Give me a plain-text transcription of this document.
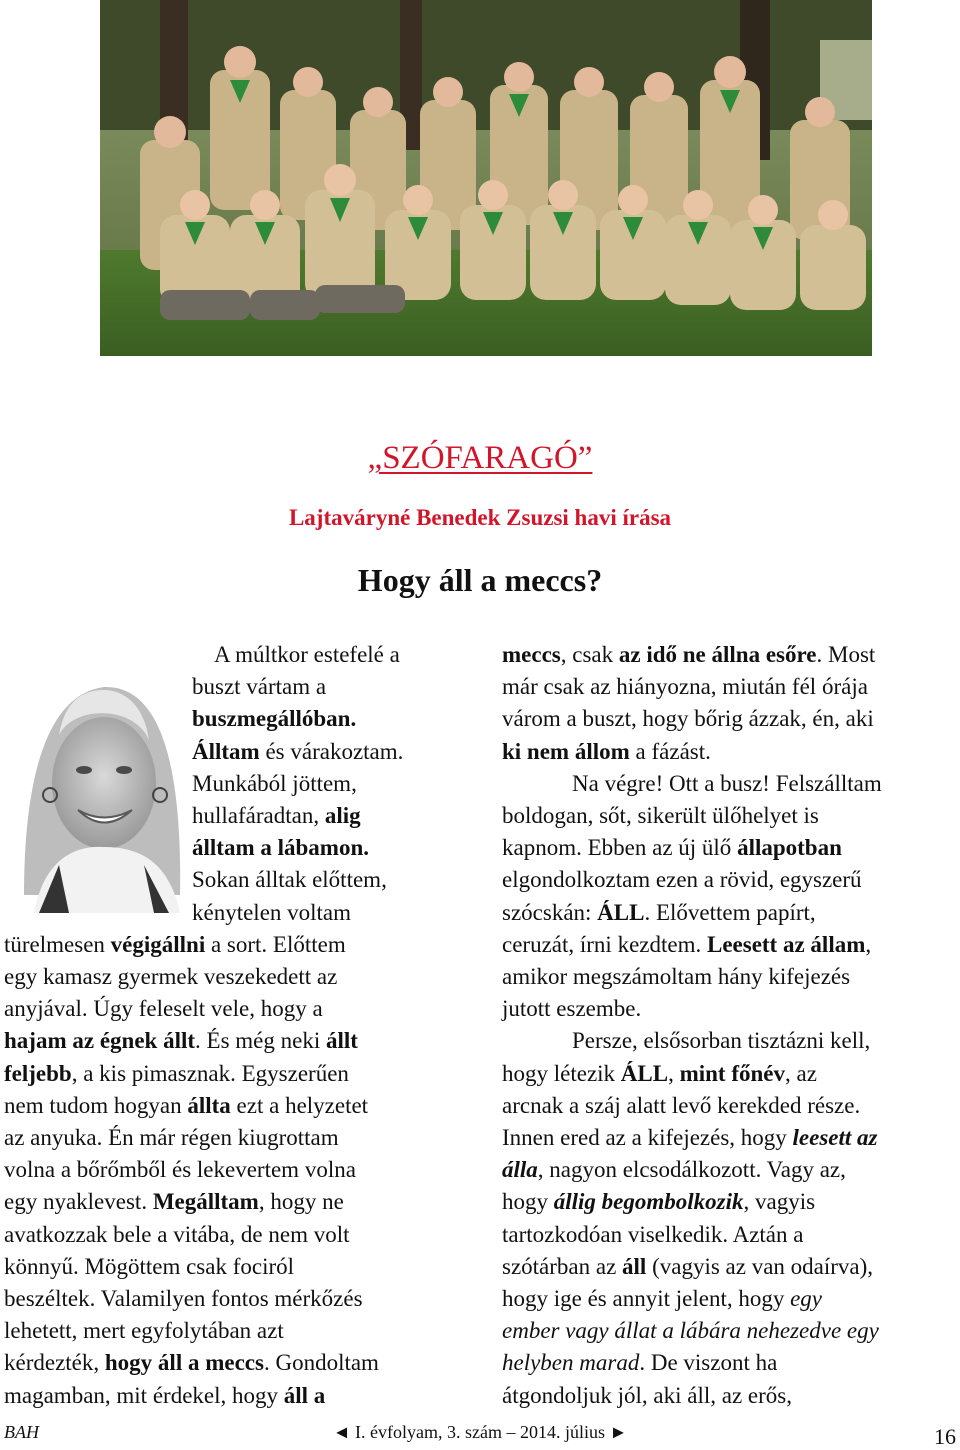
„SZÓFARAGÓ”
Lajtaváryné Benedek Zsuzsi havi írása
Hogy áll a meccs?
A múltkor estefelé a
buszt vártam a
buszmegállóban.
Álltam és várakoztam.
Munkából jöttem,
hullafáradtan, alig
álltam a lábamon.
Sokan álltak előttem,
kénytelen voltam
türelmesen végigállni a sort. Előttem
egy kamasz gyermek veszekedett az
anyjával. Úgy feleselt vele, hogy a
hajam az égnek állt. És még neki állt
feljebb, a kis pimasznak. Egyszerűen
nem tudom hogyan állta ezt a helyzetet
az anyuka. Én már régen kiugrottam
volna a bőrőmből és lekevertem volna
egy nyaklevest. Megálltam, hogy ne
avatkozzak bele a vitába, de nem volt
könnyű. Mögöttem csak fociról
beszéltek. Valamilyen fontos mérkőzés
lehetett, mert egyfolytában azt
kérdezték, hogy áll a meccs. Gondoltam
magamban, mit érdekel, hogy áll a
meccs, csak az idő ne állna esőre. Most
már csak az hiányozna, miután fél órája
várom a buszt, hogy bőrig ázzak, én, aki
ki nem állom a fázást.
Na végre! Ott a busz! Felszálltam
boldogan, sőt, sikerült ülőhelyet is
kapnom. Ebben az új ülő állapotban
elgondolkoztam ezen a rövid, egyszerű
szócskán: ÁLL. Elővettem papírt,
ceruzát, írni kezdtem. Leesett az állam,
amikor megszámoltam hány kifejezés
jutott eszembe.
Persze, elsősorban tisztázni kell,
hogy létezik ÁLL, mint főnév, az
arcnak a száj alatt levő kerekded része.
Innen ered az a kifejezés, hogy leesett az
álla, nagyon elcsodálkozott. Vagy az,
hogy állig begombolkozik, vagyis
tartozkodóan viselkedik. Aztán a
szótárban az áll (vagyis az van odaírva),
hogy ige és annyit jelent, hogy egy
ember vagy állat a lábára nehezedve egy
helyben marad. De viszont ha
átgondoljuk jól, aki áll, az erős,
BAH	◄ I. évfolyam, 3. szám – 2014. július ►	16
